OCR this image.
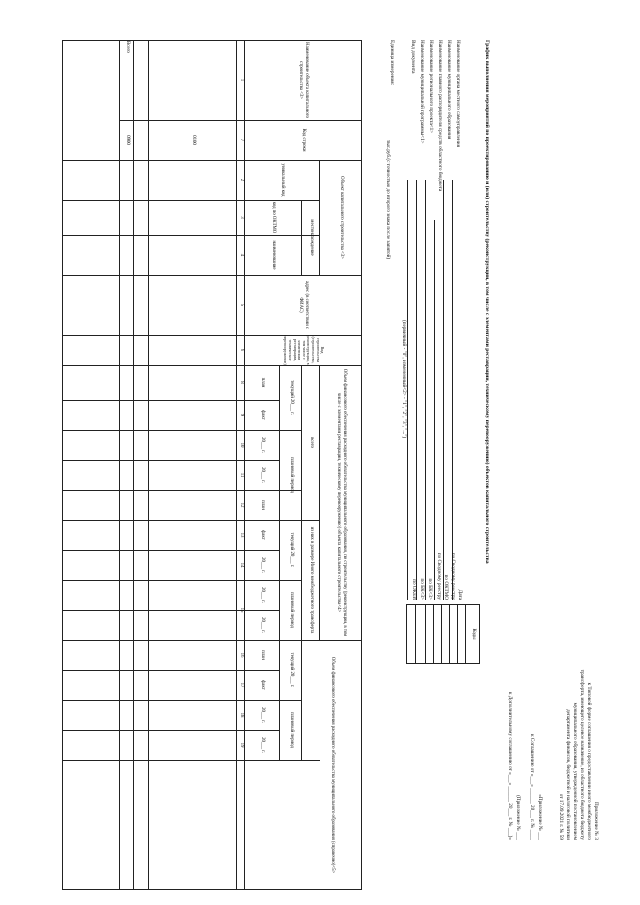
Приложение № 3
к Типовой форме соглашения о предоставлении иного межбюджетного
трансферта, имеющего целевое назначение, из областного бюджета бюджету
муниципального образования, утвержденной постановлением
департамента финансов, бюджетной и налоговой политики
от 17.09.2021 г. № 59
«Приложение № ___
к Соглашению от «___» ______ 20___ г. № ____
(Приложение № ___
к Дополнительному соглашению от «___» ______ 20___ г. № ___)»
График выполнения мероприятий по проектированию и (или) строительству (реконструкции, в том числе с элементами реставрации, техническому перевооружению) объектов капитального строительства
Наименование органа местного самоуправления
Наименование муниципального образования
Наименование главного распорядителя средств областного бюджета
Наименование регионального проекта<1>
Наименование муниципальной программы<1>
Вид документа
(первичный - "0", измененный<2> - "1", "2", "3", "...")
Единица измерения:
тыс.руб.(с точностью до второго знака после запятой)
Дата
по Сводному реестру
по ОКТМО
по Сводному реестру
по БК<3>
по БК<3>
по ОКЕИ
Коды
Наименование объекта капитального строительства <3>
Объект капитального строительства <3>
уникальный код
местонахождение
код по ОКТМО
наименование
адрес (в соответствии с ФИАС)
Вид строительства (строительство, реконструкция, в том числе с элементами реставрации, техническое перевооружение)
Код строки
Объем финансового обеспечения расходного обязательства муниципального образования, по строительству (реконструкции, в том числе с элементами реставрации, техническому перевооружению) объекта капитального строительства<4>
всего
из них в размере Иного межбюджетного трансферта
Объем финансового обеспечения расходного обязательства муниципального образования (справочно)<5>
текущий 20___ г.
плановый период
текущий 20___ г.
плановый период
текущий 20___ г.
плановый период
план
факт
20___ г.
20___ г.
план
факт
20___ г.
20___ г.
20___ г.
план
факт
20___ г.
20___ г.
1
2
3
4
5
6
7
8
9
10
11
12
13
14
15
16
17
18
19
0100
Всего
0900
